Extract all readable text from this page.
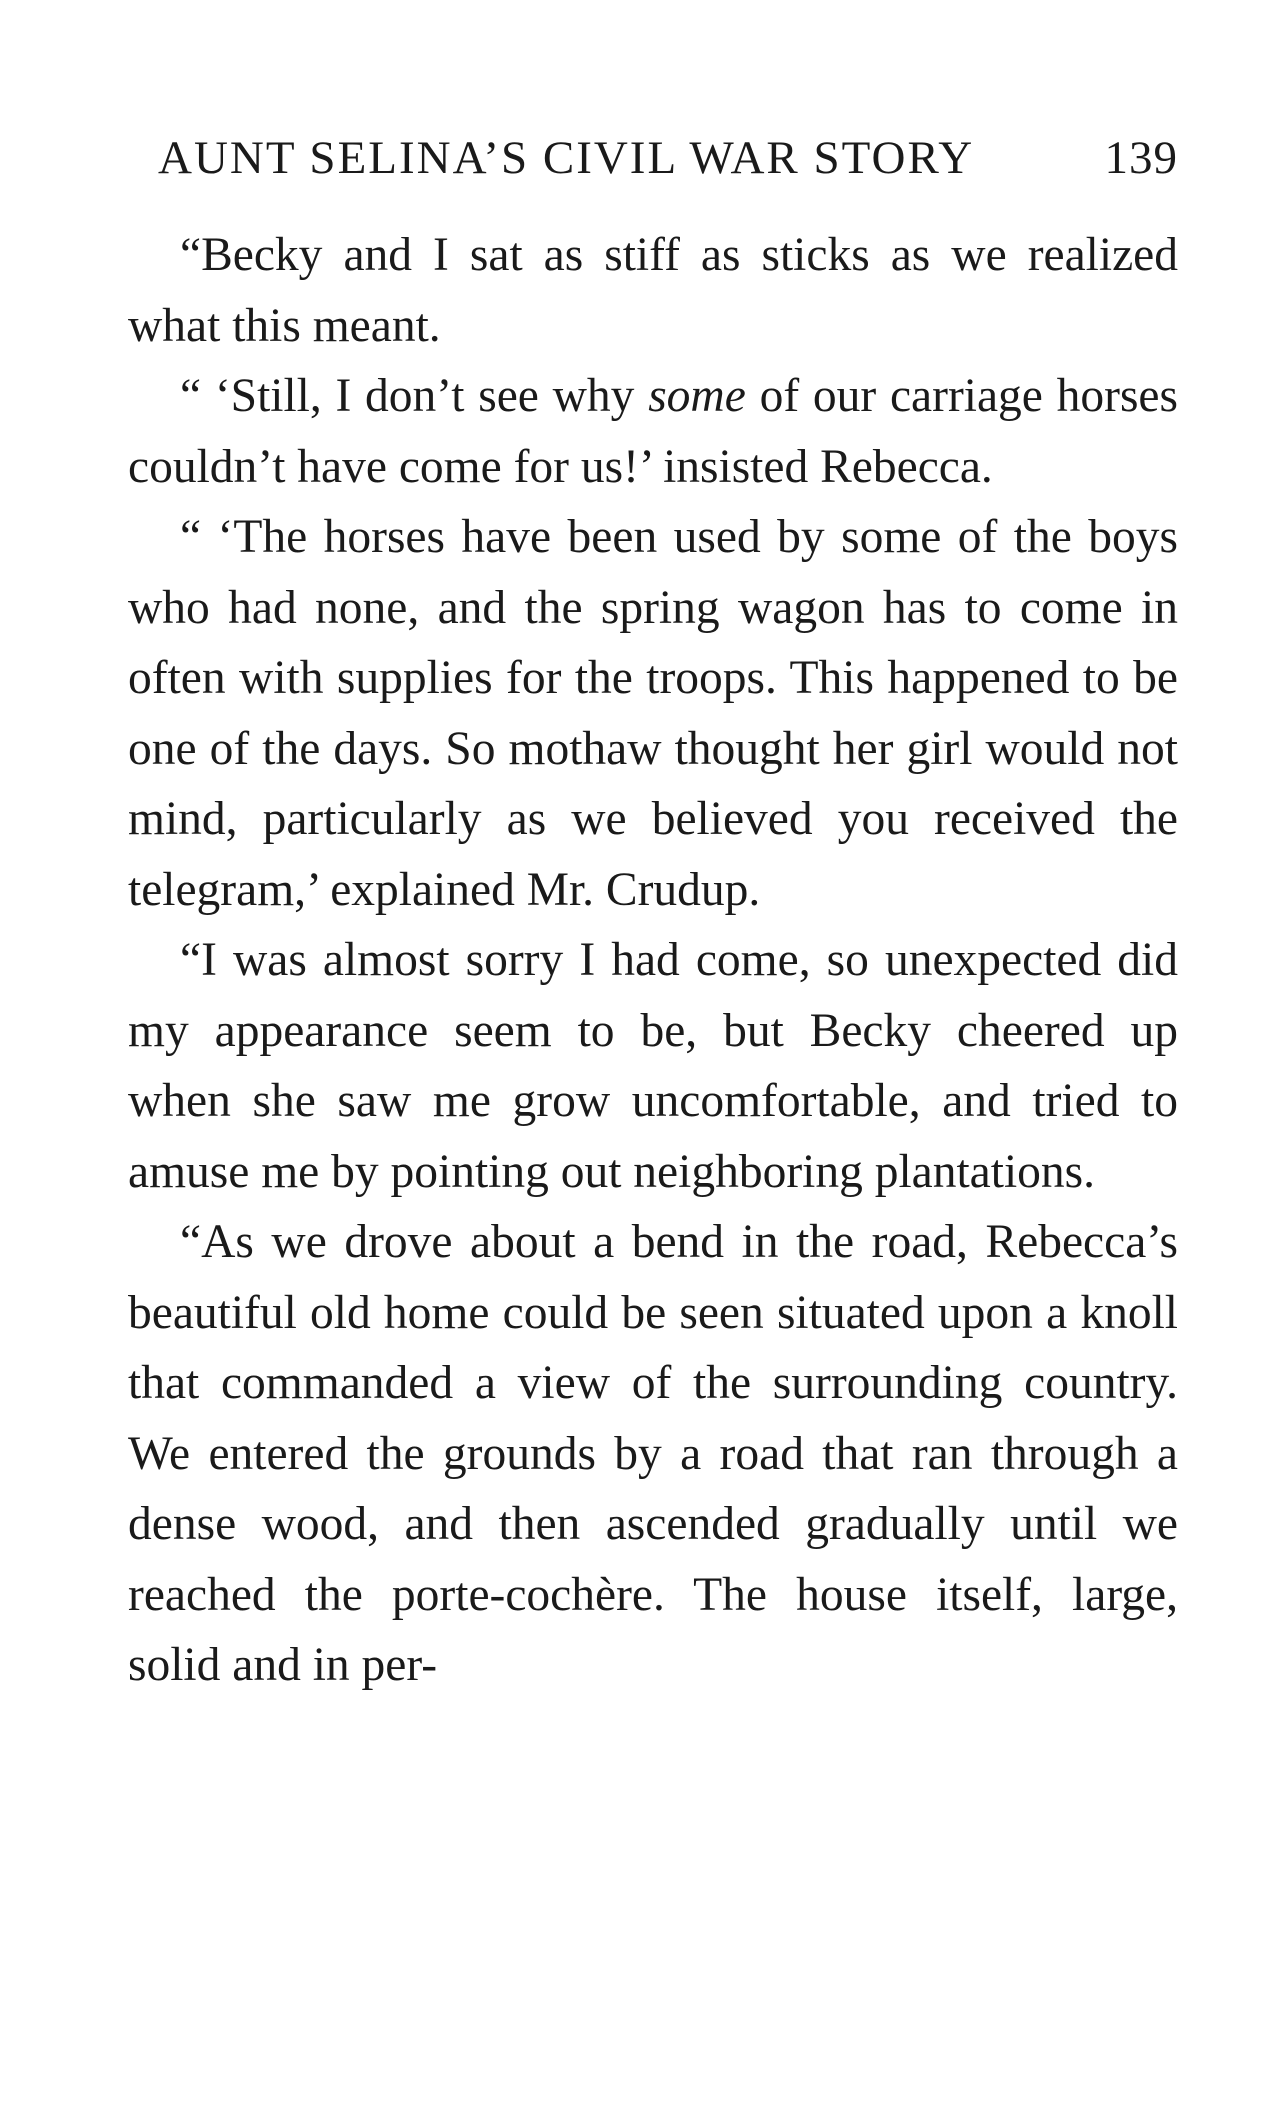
AUNT SELINA’S CIVIL WAR STORY	139

“Becky and I sat as stiff as sticks as we realized what this meant.

“ ‘Still, I don’t see why some of our carriage horses couldn’t have come for us!’ insisted Rebecca.

“ ‘The horses have been used by some of the boys who had none, and the spring wagon has to come in often with supplies for the troops. This happened to be one of the days. So mothaw thought her girl would not mind, particularly as we believed you received the telegram,’ explained Mr. Crudup.

“I was almost sorry I had come, so unexpected did my appearance seem to be, but Becky cheered up when she saw me grow uncomfortable, and tried to amuse me by pointing out neighboring plantations.

“As we drove about a bend in the road, Rebecca’s beautiful old home could be seen situated upon a knoll that commanded a view of the surrounding country. We entered the grounds by a road that ran through a dense wood, and then ascended gradually until we reached the porte-cochère. The house itself, large, solid and in per-
